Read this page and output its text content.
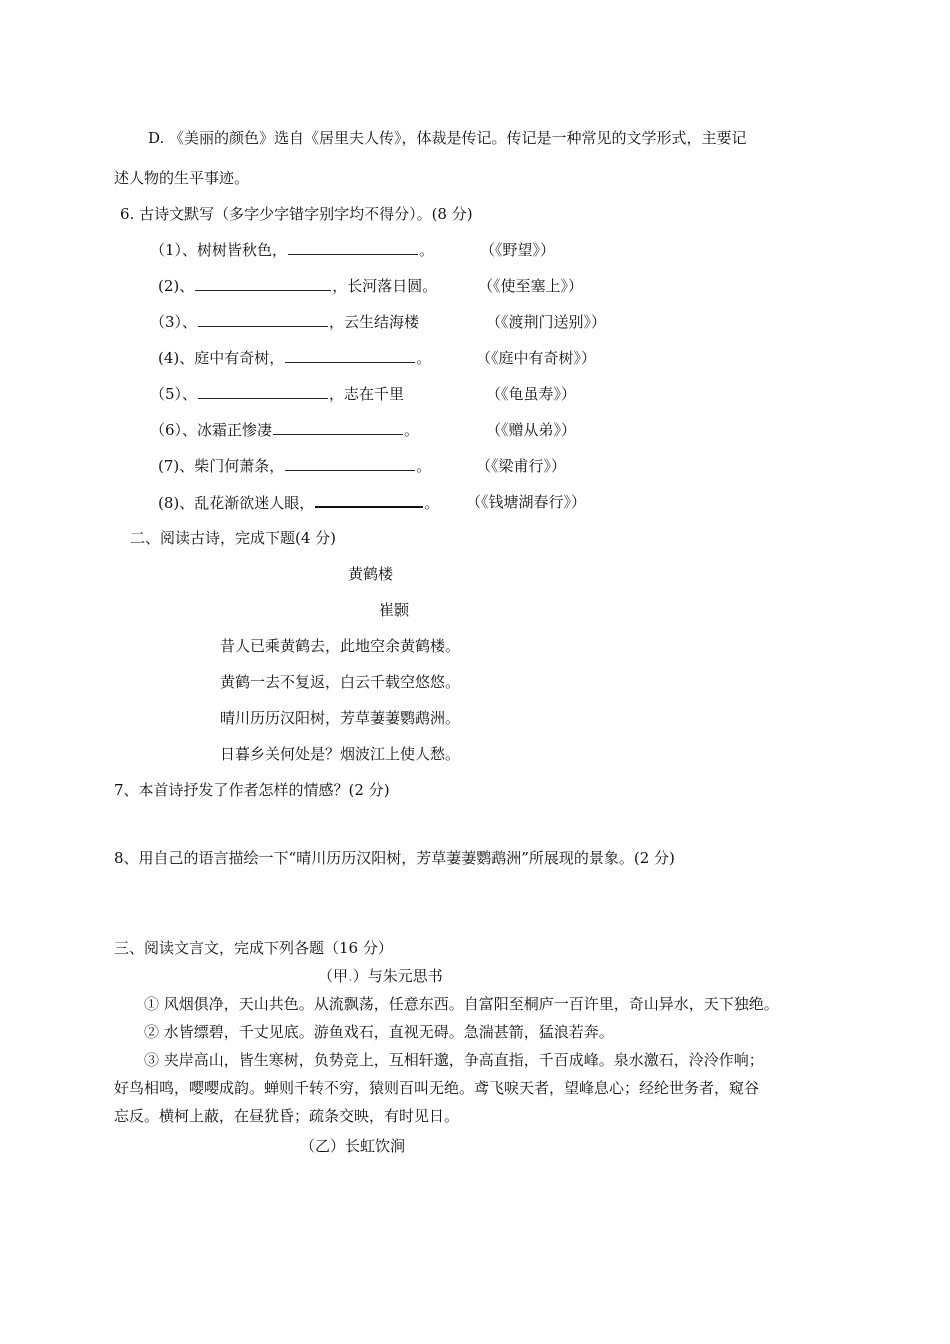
D. 《美丽的颜色》选自《居里夫人传》，体裁是传记。传记是一种常见的文学形式，主要记
述人物的生平事迹。
6. 古诗文默写（多字少字错字别字均不得分）。(8 分)
（1）、树树皆秋色，	。	（《野望》）
(2)、	，长河落日圆。	（《使至塞上》）
（3）、	，云生结海楼	（《渡荆门送别》）
(4)、庭中有奇树，	。	（《庭中有奇树》）
（5）、	，志在千里	（《龟虽寿》）
（6）、冰霜正惨凄	。	（《赠从弟》）
(7)、柴门何萧条，	。	（《梁甫行》）
(8)、乱花渐欲迷人眼，	。 （《钱塘湖春行》）
二、阅读古诗，完成下题(4 分)
黄鹤楼
崔颢
昔人已乘黄鹤去，此地空余黄鹤楼。
黄鹤一去不复返，白云千载空悠悠。
晴川历历汉阳树，芳草萋萋鹦鹉洲。
日暮乡关何处是？烟波江上使人愁。
7、本首诗抒发了作者怎样的情感？(2 分)
8、用自己的语言描绘一下“晴川历历汉阳树，芳草萋萋鹦鹉洲”所展现的景象。(2 分)
三、阅读文言文，完成下列各题（16 分）
（甲.）与朱元思书
① 风烟俱净，天山共色。从流飘荡，任意东西。自富阳至桐庐一百许里，奇山异水，天下独绝。
② 水皆缥碧，千丈见底。游鱼戏石，直视无碍。急湍甚箭，猛浪若奔。
③ 夹岸高山，皆生寒树，负势竞上，互相轩邈，争高直指，千百成峰。泉水激石，泠泠作响；
好鸟相鸣，嘤嘤成韵。蝉则千转不穷，猿则百叫无绝。鸢飞唳天者，望峰息心；经纶世务者，窥谷
忘反。横柯上蔽，在昼犹昏；疏条交映，有时见日。
（乙）长虹饮涧
